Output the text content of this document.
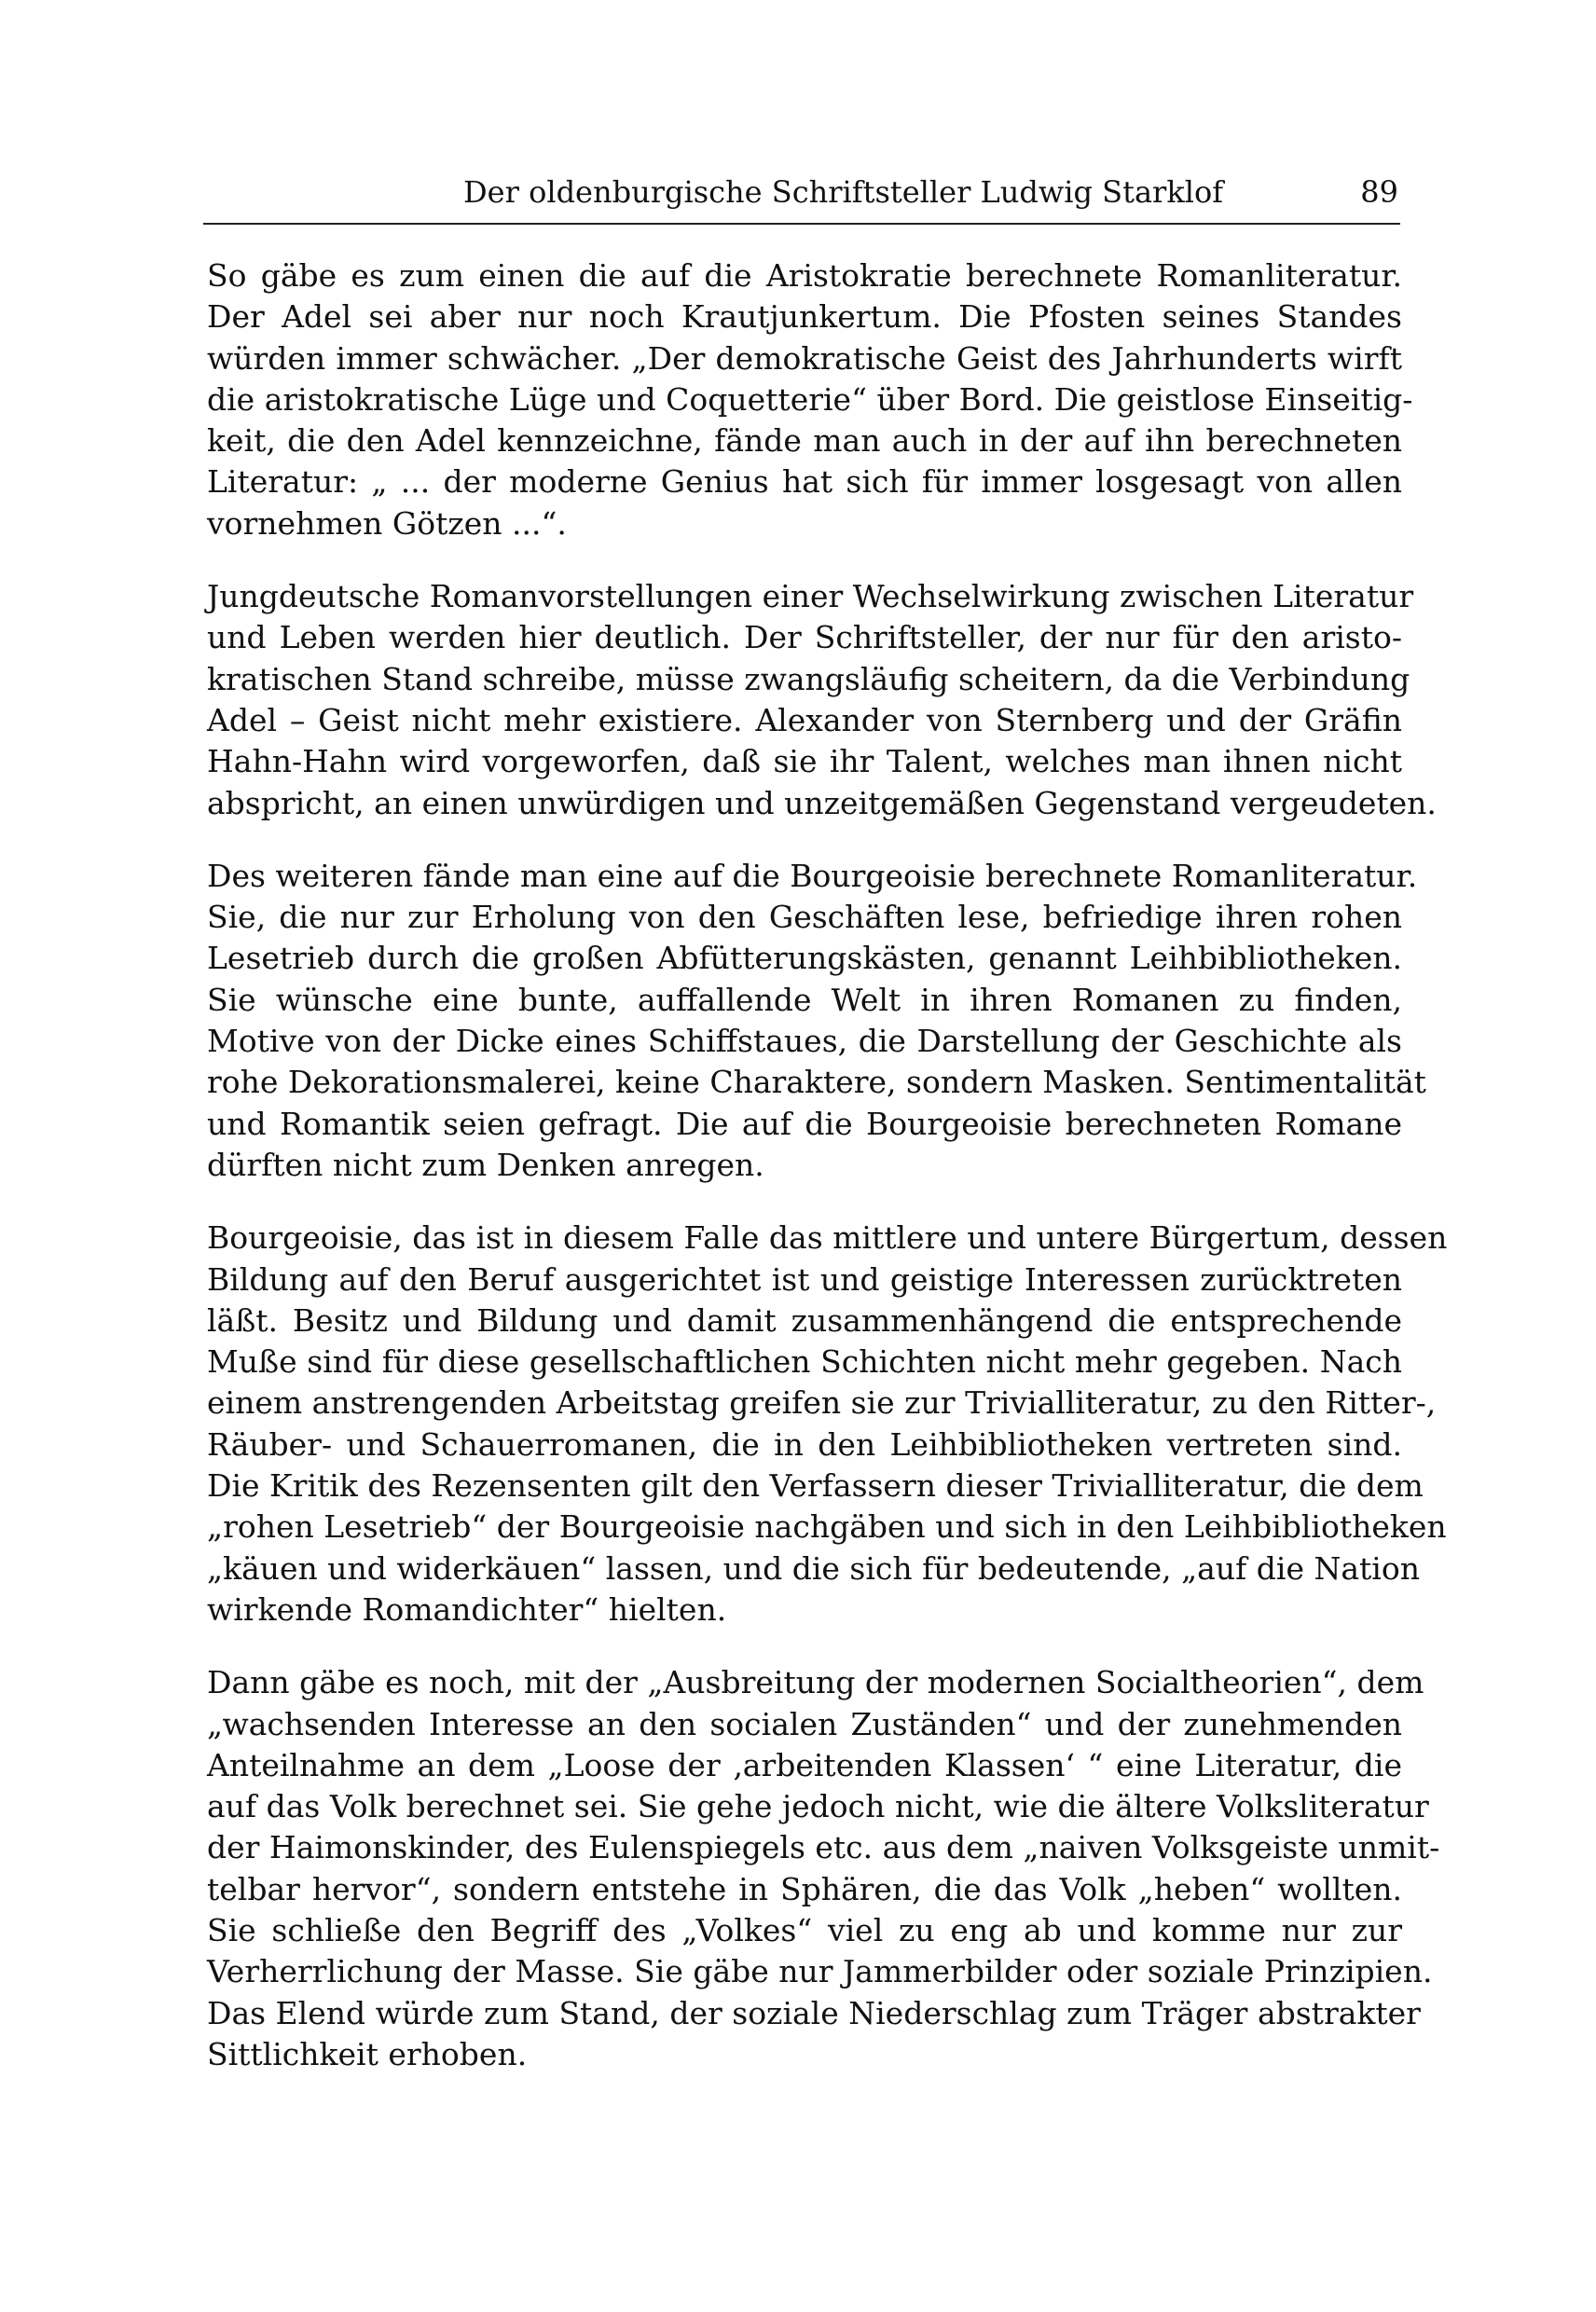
Der oldenburgische Schriftsteller Ludwig Starklof	89
So gäbe es zum einen die auf die Aristokratie berechnete Romanliteratur.
Der Adel sei aber nur noch Krautjunkertum. Die Pfosten seines Standes
würden immer schwächer. „Der demokratische Geist des Jahrhunderts wirft
die aristokratische Lüge und Coquetterie“ über Bord. Die geistlose Einseitig-
keit, die den Adel kennzeichne, fände man auch in der auf ihn berechneten
Literatur: „ ... der moderne Genius hat sich für immer losgesagt von allen
vornehmen Götzen ...“.
Jungdeutsche Romanvorstellungen einer Wechselwirkung zwischen Literatur
und Leben werden hier deutlich. Der Schriftsteller, der nur für den aristo-
kratischen Stand schreibe, müsse zwangsläufig scheitern, da die Verbindung
Adel – Geist nicht mehr existiere. Alexander von Sternberg und der Gräfin
Hahn-Hahn wird vorgeworfen, daß sie ihr Talent, welches man ihnen nicht
abspricht, an einen unwürdigen und unzeitgemäßen Gegenstand vergeudeten.
Des weiteren fände man eine auf die Bourgeoisie berechnete Romanliteratur.
Sie, die nur zur Erholung von den Geschäften lese, befriedige ihren rohen
Lesetrieb durch die großen Abfütterungskästen, genannt Leihbibliotheken.
Sie wünsche eine bunte, auffallende Welt in ihren Romanen zu finden,
Motive von der Dicke eines Schiffstaues, die Darstellung der Geschichte als
rohe Dekorationsmalerei, keine Charaktere, sondern Masken. Sentimentalität
und Romantik seien gefragt. Die auf die Bourgeoisie berechneten Romane
dürften nicht zum Denken anregen.
Bourgeoisie, das ist in diesem Falle das mittlere und untere Bürgertum, dessen
Bildung auf den Beruf ausgerichtet ist und geistige Interessen zurücktreten
läßt. Besitz und Bildung und damit zusammenhängend die entsprechende
Muße sind für diese gesellschaftlichen Schichten nicht mehr gegeben. Nach
einem anstrengenden Arbeitstag greifen sie zur Trivialliteratur, zu den Ritter-,
Räuber- und Schauerromanen, die in den Leihbibliotheken vertreten sind.
Die Kritik des Rezensenten gilt den Verfassern dieser Trivialliteratur, die dem
„rohen Lesetrieb“ der Bourgeoisie nachgäben und sich in den Leihbibliotheken
„käuen und widerkäuen“ lassen, und die sich für bedeutende, „auf die Nation
wirkende Romandichter“ hielten.
Dann gäbe es noch, mit der „Ausbreitung der modernen Socialtheorien“, dem
„wachsenden Interesse an den socialen Zuständen“ und der zunehmenden
Anteilnahme an dem „Loose der ‚arbeitenden Klassen‘ “ eine Literatur, die
auf das Volk berechnet sei. Sie gehe jedoch nicht, wie die ältere Volksliteratur
der Haimonskinder, des Eulenspiegels etc. aus dem „naiven Volksgeiste unmit-
telbar hervor“, sondern entstehe in Sphären, die das Volk „heben“ wollten.
Sie schließe den Begriff des „Volkes“ viel zu eng ab und komme nur zur
Verherrlichung der Masse. Sie gäbe nur Jammerbilder oder soziale Prinzipien.
Das Elend würde zum Stand, der soziale Niederschlag zum Träger abstrakter
Sittlichkeit erhoben.
